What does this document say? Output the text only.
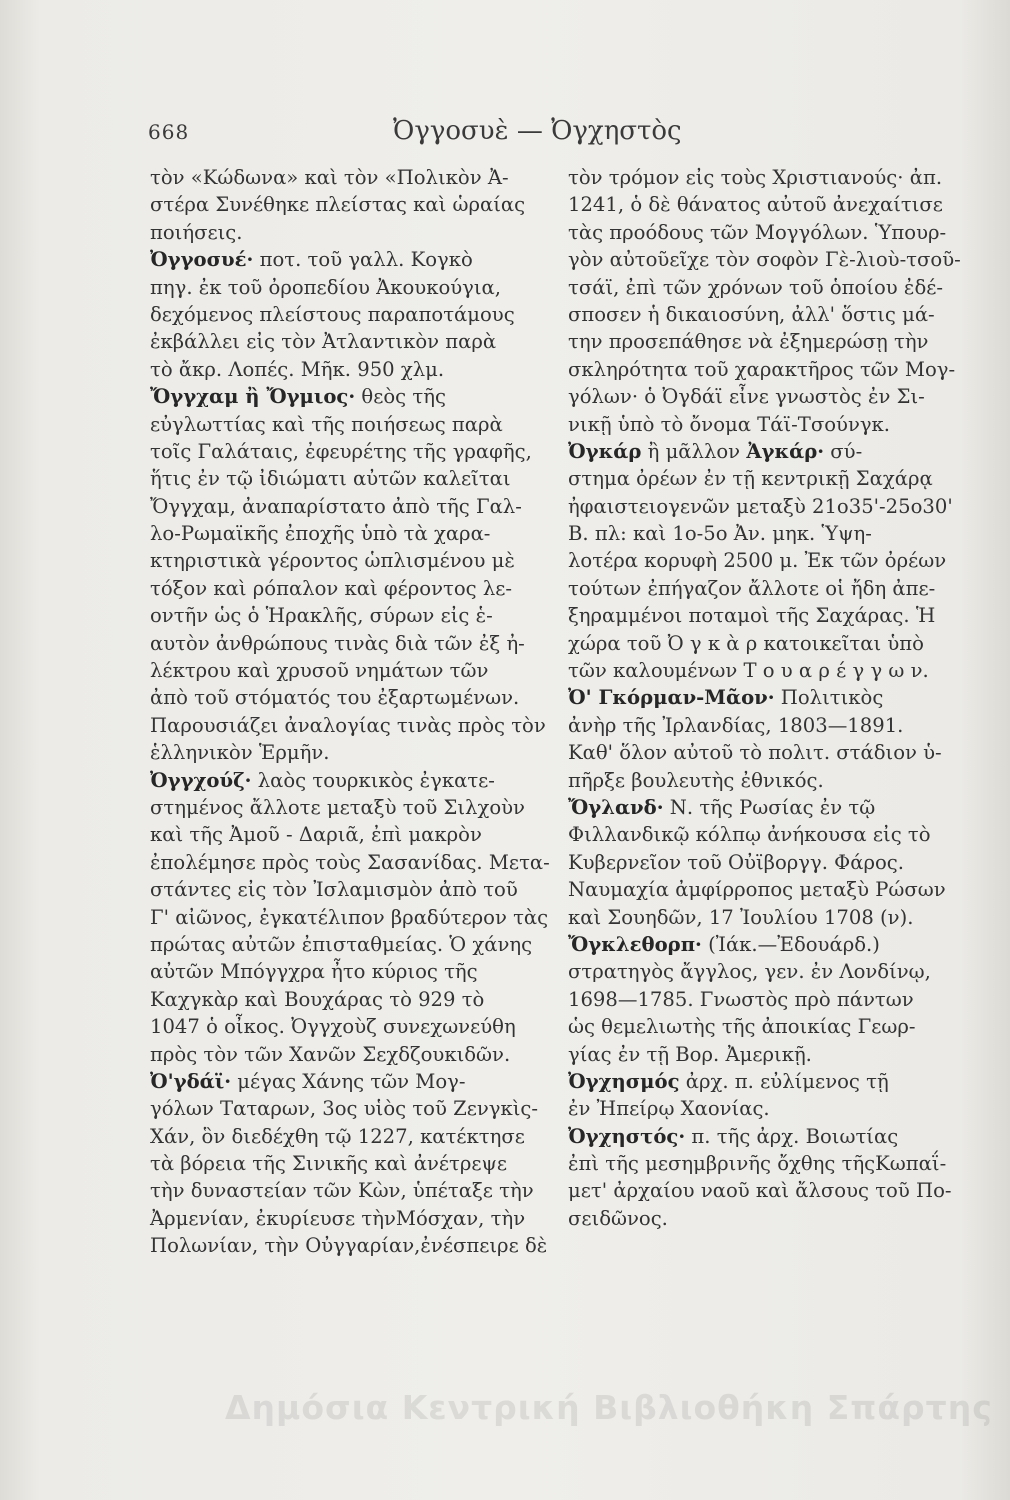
668	Ὀγγοσυὲ — Ὀγχηστὸς
τὸν «Κώδωνα» καὶ τὸν «Πολικὸν Ἀ-
στέρα Συνέθηκε πλείστας καὶ ὡραίας
ποιήσεις.
Ὀγγοσυέ· ποτ. τοῦ γαλλ. Κογκὸ
πηγ. ἐκ τοῦ ὀροπεδίου Ἀκουκούγια,
δεχόμενος πλείστους παραποτάμους
ἐκβάλλει εἰς τὸν Ἀτλαντικὸν παρὰ
τὸ ἄκρ. Λοπές. Μῆκ. 950 χλμ.
Ὄγγχαμ ἢ Ὄγμιος· θεὸς τῆς
εὐγλωττίας καὶ τῆς ποιήσεως παρὰ
τοῖς Γαλάταις, ἐφευρέτης τῆς γραφῆς,
ἥτις ἐν τῷ ἰδιώματι αὐτῶν καλεῖται
Ὄγγχαμ, ἀναπαρίστατο ἀπὸ τῆς Γαλ-
λο-Ρωμαϊκῆς ἐποχῆς ὑπὸ τὰ χαρα-
κτηριστικὰ γέροντος ὡπλισμένου μὲ
τόξον καὶ ρόπαλον καὶ φέροντος λε-
οντῆν ὡς ὁ Ἡρακλῆς, σύρων εἰς ἑ-
αυτὸν ἀνθρώπους τινὰς διὰ τῶν ἐξ ἠ-
λέκτρου καὶ χρυσοῦ νημάτων τῶν
ἀπὸ τοῦ στόματός του ἐξαρτωμένων.
Παρουσιάζει ἀναλογίας τινὰς πρὸς τὸν
ἑλληνικὸν Ἑρμῆν.
Ὀγγχούζ· λαὸς τουρκικὸς ἐγκατε-
στημένος ἄλλοτε μεταξὺ τοῦ Σιλχοὺν
καὶ τῆς Ἀμοῦ - Δαριᾶ, ἐπὶ μακρὸν
ἐπολέμησε πρὸς τοὺς Σασανίδας. Μετα-
στάντες εἰς τὸν Ἰσλαμισμὸν ἀπὸ τοῦ
Γ' αἰῶνος, ἐγκατέλιπον βραδύτερον τὰς
πρώτας αὐτῶν ἐπισταθμείας. Ὁ χάνης
αὐτῶν Μπόγγχρα ἦτο κύριος τῆς
Καχγκὰρ καὶ Βουχάρας τὸ 929 τὸ
1047 ὁ οἶκος. Ὀγγχοὺζ συνεχωνεύθη
πρὸς τὸν τῶν Χανῶν Σεχδζουκιδῶν.
Ὀ'γδάϊ· μέγας Χάνης τῶν Μογ-
γόλων Ταταρων, 3ος υἱὸς τοῦ Ζενγκὶς-
Χάν, ὃν διεδέχθη τῷ 1227, κατέκτησε
τὰ βόρεια τῆς Σινικῆς καὶ ἀνέτρεψε
τὴν δυναστείαν τῶν Κὼν, ὑπέταξε τὴν
Ἀρμενίαν, ἐκυρίευσε τὴνΜόσχαν, τὴν
Πολωνίαν, τὴν Οὐγγαρίαν,ἐνέσπειρε δὲ
τὸν τρόμον εἰς τοὺς Χριστιανούς· ἀπ.
1241, ὁ δὲ θάνατος αὐτοῦ ἀνεχαίτισε
τὰς προόδους τῶν Μογγόλων. Ὑπουρ-
γὸν αὐτοῦεῖχε τὸν σοφὸν Γὲ-λιοὺ-τσοῦ-
τσάϊ, ἐπὶ τῶν χρόνων τοῦ ὁποίου ἐδέ-
σποσεν ἡ δικαιοσύνη, ἀλλ' ὅστις μά-
την προσεπάθησε νὰ ἐξημερώσῃ τὴν
σκληρότητα τοῦ χαρακτῆρος τῶν Μογ-
γόλων· ὁ Ὀγδάϊ εἶνε γνωστὸς ἐν Σι-
νικῇ ὑπὸ τὸ ὄνομα Τάϊ-Τσούνγκ.
Ὀγκάρ ἢ μᾶλλον Ἀγκάρ· σύ-
στημα ὀρέων ἐν τῇ κεντρικῇ Σαχάρᾳ
ἠφαιστειογενῶν μεταξὺ 21ο35'-25ο30'
Β. πλ: καὶ 1ο-5ο Ἀν. μηκ. Ὑψη-
λοτέρα κορυφὴ 2500 μ. Ἐκ τῶν ὀρέων
τούτων ἐπήγαζον ἄλλοτε οἱ ἤδη ἀπε-
ξηραμμένοι ποταμοὶ τῆς Σαχάρας. Ἡ
χώρα τοῦ Ὀ γ κ ὰ ρ κατοικεῖται ὑπὸ
τῶν καλουμένων Τ ο υ α ρ έ γ γ ω ν.
Ὀ' Γκόρμαν-Μᾶον· Πολιτικὸς
ἀνὴρ τῆς Ἰρλανδίας, 1803—1891.
Καθ' ὅλον αὐτοῦ τὸ πολιτ. στάδιον ὑ-
πῆρξε βουλευτὴς ἐθνικός.
Ὄγλανδ· Ν. τῆς Ρωσίας ἐν τῷ
Φιλλανδικῷ κόλπῳ ἀνήκουσα εἰς τὸ
Κυβερνεῖον τοῦ Οὐϊβοργγ. Φάρος.
Ναυμαχία ἀμφίρροπος μεταξὺ Ρώσων
καὶ Σουηδῶν, 17 Ἰουλίου 1708 (ν).
Ὄγκλεθορπ· (Ἰάκ.—Ἐδουάρδ.)
στρατηγὸς ἄγγλος, γεν. ἐν Λονδίνῳ,
1698—1785. Γνωστὸς πρὸ πάντων
ὡς θεμελιωτὴς τῆς ἀποικίας Γεωρ-
γίας ἐν τῇ Βορ. Ἀμερικῇ.
Ὀγχησμός ἀρχ. π. εὐλίμενος τῇ
ἐν Ἠπείρῳ Χαονίας.
Ὀγχηστός· π. τῆς ἀρχ. Βοιωτίας
ἐπὶ τῆς μεσημβρινῆς ὄχθης τῆςΚωπαΐ-
μετ' ἀρχαίου ναοῦ καὶ ἄλσους τοῦ Πο-
σειδῶνος.
Δημόσια Κεντρική Βιβλιοθήκη Σπάρτης
